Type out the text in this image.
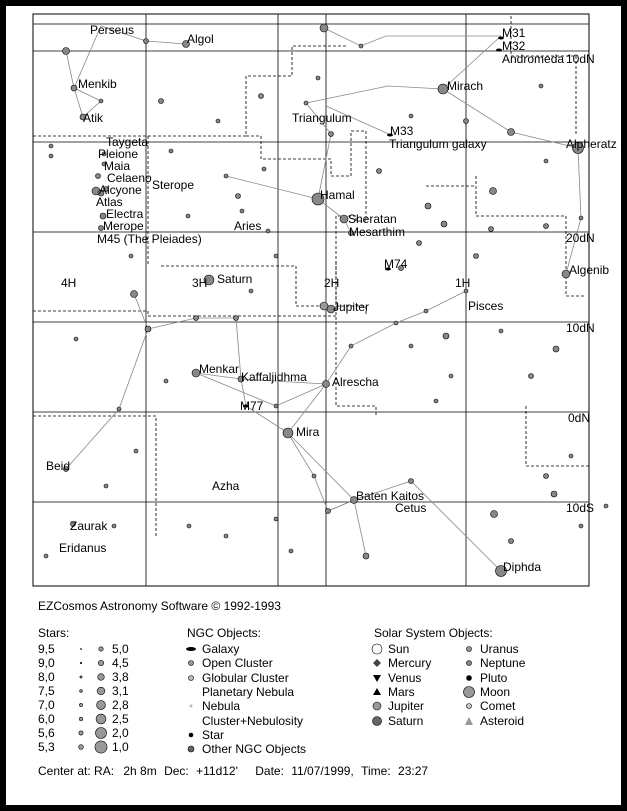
4H	3H	2H	1H
10dN
20dN
10dN
0dN
10dS
Perseus
Algol
Menkib
Atik
M31
M32
Andromeda
Mirach
Triangulum
M33
Triangulum galaxy	Alpheratz
Taygeta
Pleione
Maia
Celaeno
Alcyone Sterope
Atlas
Electra
Merope
M45 (The Pleiades)
Hamal
Sheratan
Mesarthim
Aries
M74	Algenib
Saturn
Jupiter	Pisces
Menkar
Kaffaljidhma Alrescha
M77
Mira
Beid
Azha
Baten Kaitos
Cetus
Zaurak
Eridanus
Diphda
EZCosmos Astronomy Software © 1992-1993
Stars:
9,5
9,0
8,0
7,5
7,0
6,0
5,6
5,3
5,0
4,5
3,8
3,1
2,8
2,5
2,0
1,0
NGC Objects:
Galaxy
Open Cluster
Globular Cluster
Planetary Nebula
Nebula
Cluster+Nebulosity
Star
Other NGC Objects
Solar System Objects:
Sun
Mercury
Venus
Mars
Jupiter
Saturn
Uranus
Neptune
Pluto
Moon
Comet
Asteroid
Center at: RA: 2h 8m Dec: +11d12' Date: 11/07/1999, Time: 23:27
